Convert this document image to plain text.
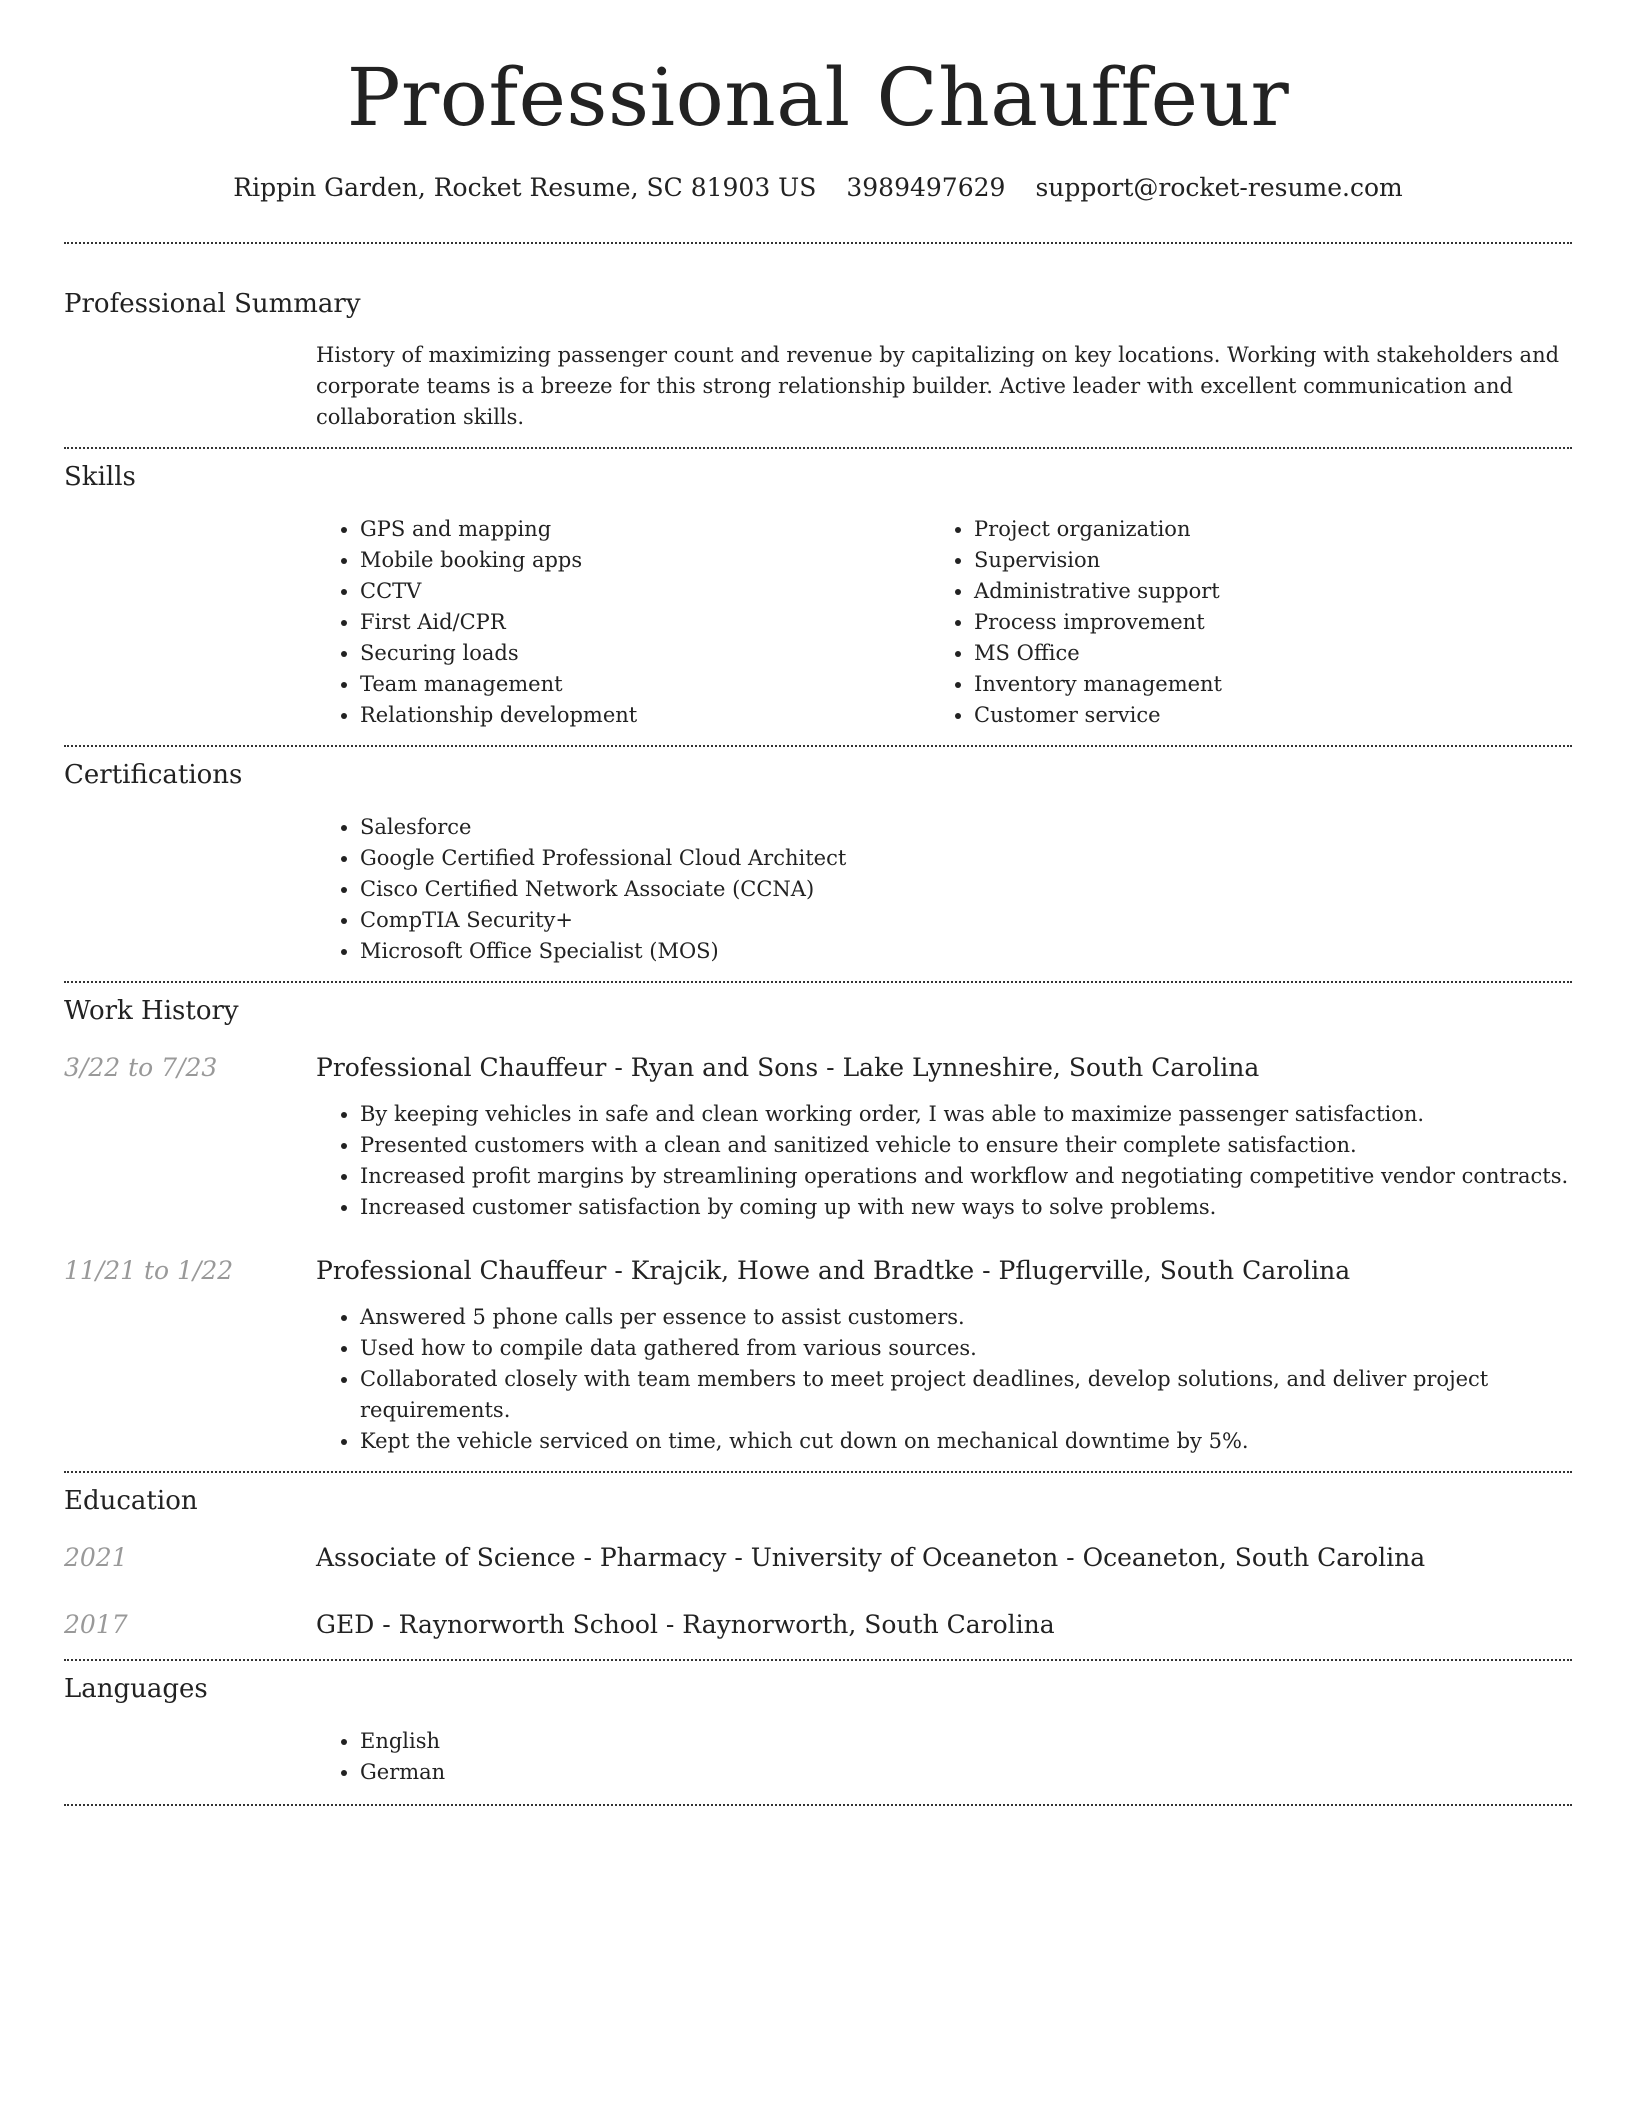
Professional Chauffeur
Rippin Garden, Rocket Resume, SC 81903 US 3989497629 support@rocket-resume.com
Professional Summary

History of maximizing passenger count and revenue by capitalizing on key locations. Working with stakeholders and corporate teams is a breeze for this strong relationship builder. Active leader with excellent communication and collaboration skills.

Skills
• GPS and mapping
• Mobile booking apps
• CCTV
• First Aid/CPR
• Securing loads
• Team management
• Relationship development
• Project organization
• Supervision
• Administrative support
• Process improvement
• MS Office
• Inventory management
• Customer service
Certifications
• Salesforce
• Google Certified Professional Cloud Architect
• Cisco Certified Network Associate (CCNA)
• CompTIA Security+
• Microsoft Office Specialist (MOS)
Work History
3/22 to 7/23	Professional Chauffeur - Ryan and Sons - Lake Lynneshire, South Carolina
• By keeping vehicles in safe and clean working order, I was able to maximize passenger satisfaction.
• Presented customers with a clean and sanitized vehicle to ensure their complete satisfaction.
• Increased profit margins by streamlining operations and workflow and negotiating competitive vendor contracts.
• Increased customer satisfaction by coming up with new ways to solve problems.
11/21 to 1/22	Professional Chauffeur - Krajcik, Howe and Bradtke - Pflugerville, South Carolina
• Answered 5 phone calls per essence to assist customers.
• Used how to compile data gathered from various sources.
• Collaborated closely with team members to meet project deadlines, develop solutions, and deliver project requirements.
• Kept the vehicle serviced on time, which cut down on mechanical downtime by 5%.
Education
2021	Associate of Science - Pharmacy - University of Oceaneton - Oceaneton, South Carolina
2017	GED - Raynorworth School - Raynorworth, South Carolina
Languages
• English
• German
